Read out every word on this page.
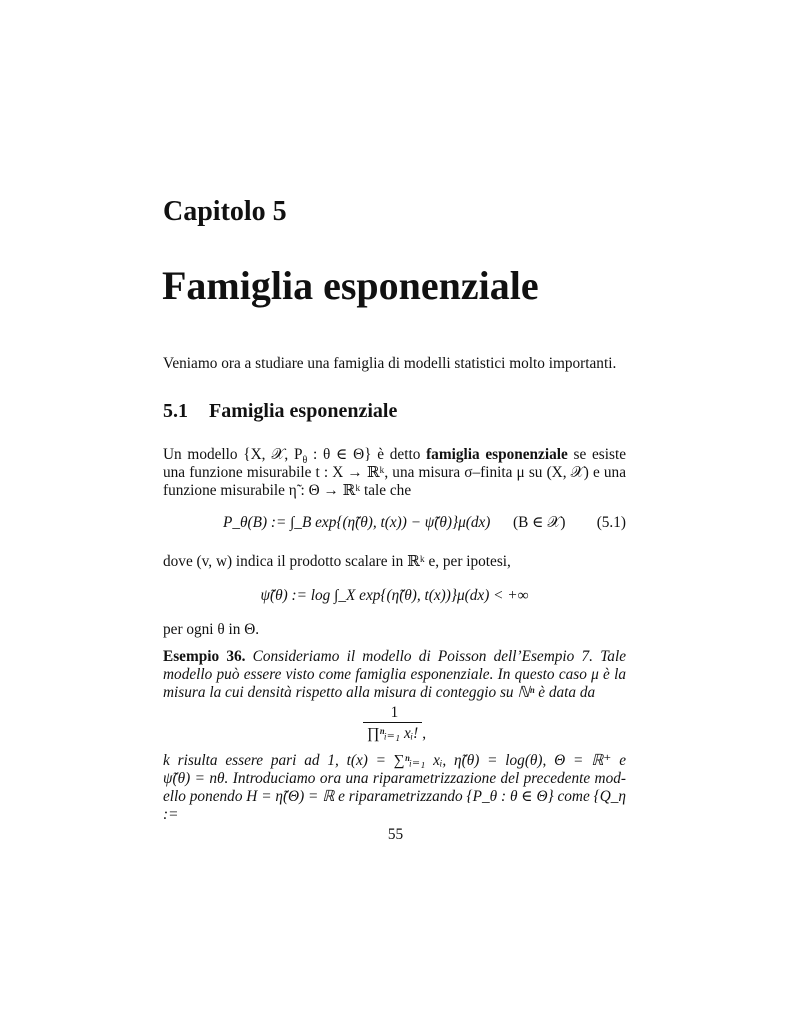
Capitolo 5
Famiglia esponenziale
Veniamo ora a studiare una famiglia di modelli statistici molto importanti.
5.1 Famiglia esponenziale
Un modello {X, 𝒳, $P_\theta$ : θ ∈ Θ} è detto famiglia esponenziale se esiste
una funzione misurabile t : X → ℝᵏ, una misura σ–finita μ su (X, 𝒳) e una
funzione misurabile η̃ : Θ → ℝᵏ tale che
P_θ(B) := ∫_B exp{(η̃(θ), t(x)) − ψ̃(θ)}μ(dx) (B ∈ 𝒳) (5.1)
dove (v, w) indica il prodotto scalare in ℝᵏ e, per ipotesi,
ψ̃(θ) := log ∫_X exp{(η̃(θ), t(x))}μ(dx) < +∞
per ogni θ in Θ.
Esempio 36. Consideriamo il modello di Poisson dell’Esempio 7. Tale
modello può essere visto come famiglia esponenziale. In questo caso μ è la
misura la cui densità rispetto alla misura di conteggio su ℕⁿ è data da
1
∏ⁿᵢ₌₁ xᵢ! ,
k risulta essere pari ad 1, t(x) = ∑ⁿᵢ₌₁ xᵢ, η̃(θ) = log(θ), Θ = ℝ⁺ e
ψ̃(θ) = nθ. Introduciamo ora una riparametrizzazione del precedente mod-
ello ponendo H = η̃(Θ) = ℝ e riparametrizzando {P_θ : θ ∈ Θ} come {Q_η :=
55
